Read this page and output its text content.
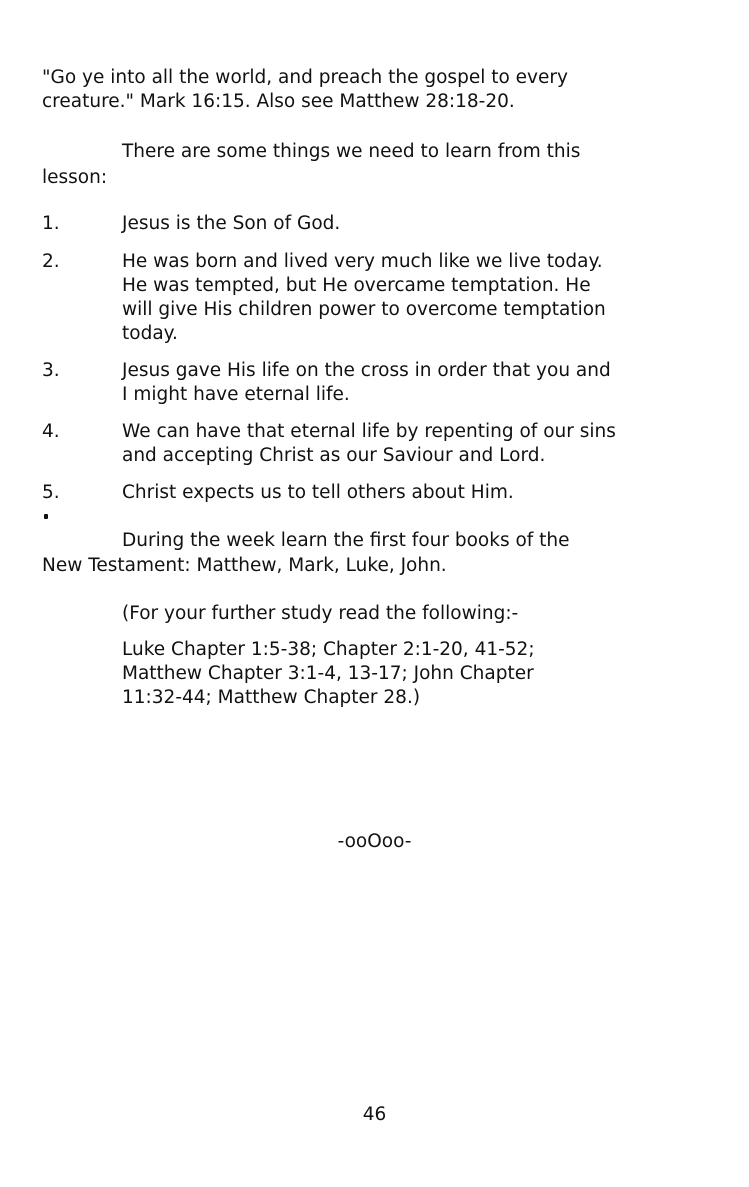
"Go ye into all the world, and preach the gospel to every
creature." Mark 16:15. Also see Matthew 28:18-20.
There are some things we need to learn from this
lesson:
1.	Jesus is the Son of God.
2.	He was born and lived very much like we live today.
He was tempted, but He overcame temptation. He
will give His children power to overcome temptation
today.
3.	Jesus gave His life on the cross in order that you and
I might have eternal life.
4.	We can have that eternal life by repenting of our sins
and accepting Christ as our Saviour and Lord.
5.	Christ expects us to tell others about Him.
During the week learn the first four books of the
New Testament: Matthew, Mark, Luke, John.
(For your further study read the following:-
Luke Chapter 1:5-38; Chapter 2:1-20, 41-52;
Matthew Chapter 3:1-4, 13-17; John Chapter
11:32-44; Matthew Chapter 28.)
-ooOoo-
46
